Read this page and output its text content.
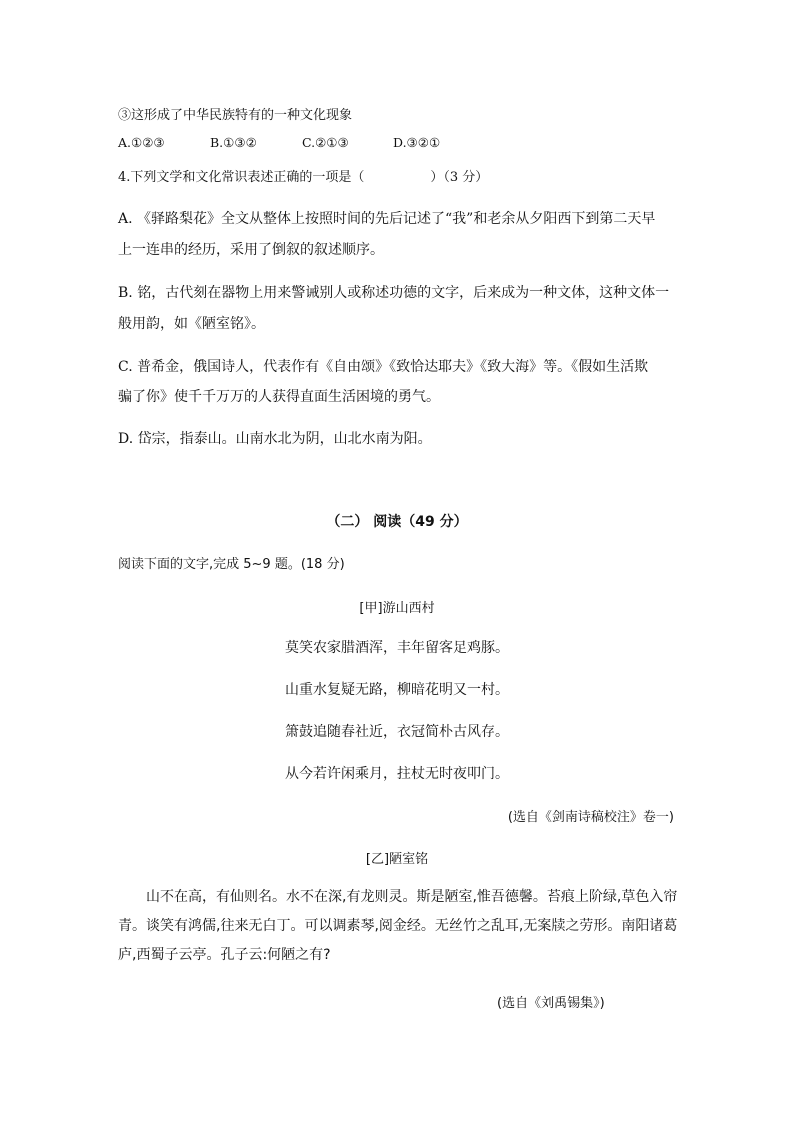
③这形成了中华民族特有的一种文化现象
A.①②③	B.①③②	C.②①③	D.③②①
4.下列文学和文化常识表述正确的一项是（	）（3 分）
A. 《驿路梨花》全文从整体上按照时间的先后记述了“我”和老余从夕阳西下到第二天早
上一连串的经历，采用了倒叙的叙述顺序。
B. 铭，古代刻在器物上用来警诫别人或称述功德的文字，后来成为一种文体，这种文体一
般用韵，如《陋室铭》。
C. 普希金，俄国诗人，代表作有《自由颂》《致恰达耶夫》《致大海》等。《假如生活欺
骗了你》使千千万万的人获得直面生活困境的勇气。
D. 岱宗，指泰山。山南水北为阴，山北水南为阳。
（二） 阅读（49 分）
阅读下面的文字,完成 5~9 题。(18 分)
[甲]游山西村
莫笑农家腊酒浑，丰年留客足鸡豚。
山重水复疑无路，柳暗花明又一村。
箫鼓追随春社近，衣冠简朴古风存。
从今若许闲乘月，拄杖无时夜叩门。
(选自《剑南诗稿校注》卷一)
[乙]陋室铭
山不在高，有仙则名。水不在深,有龙则灵。斯是陋室,惟吾德馨。苔痕上阶绿,草色入帘
青。谈笑有鸿儒,往来无白丁。可以调素琴,阅金经。无丝竹之乱耳,无案牍之劳形。南阳诸葛
庐,西蜀子云亭。孔子云:何陋之有?
(选自《刘禹锡集》)
